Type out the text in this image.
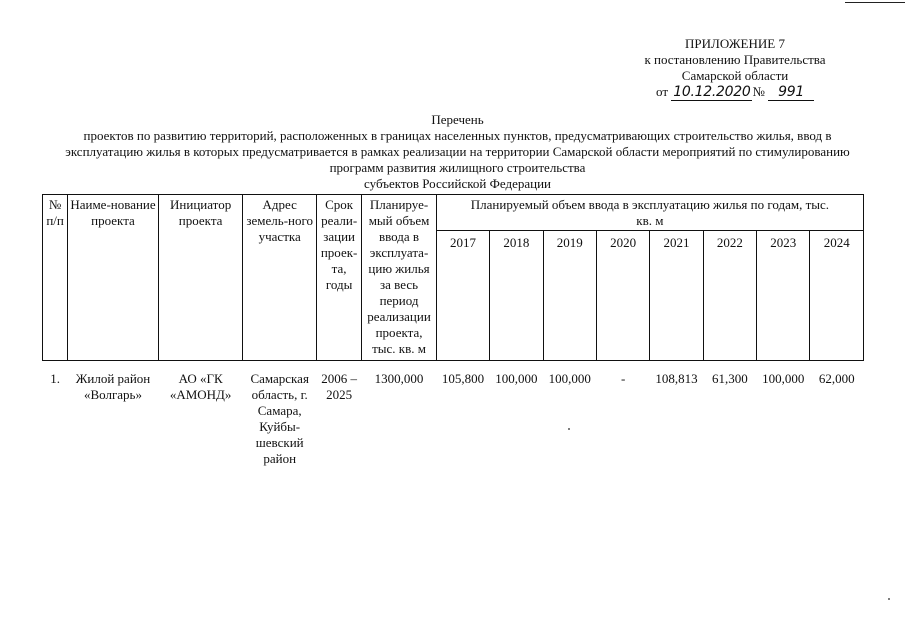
ПРИЛОЖЕНИЕ 7
к постановлению Правительства
Самарской области
от 10.12.2020 № 991
Перечень
проектов по развитию территорий, расположенных в границах населенных пунктов, предусматривающих строительство жилья, ввод в
эксплуатацию жилья в которых предусматривается в рамках реализации на территории Самарской области мероприятий по стимулированию
программ развития жилищного строительства
субъектов Российской Федерации
№ п/п	Наиме-нование проекта	Инициатор проекта	Адрес земель-ного участка	Срок реали-зации проек-та, годы	Планируе-мый объем ввода в эксплуата-цию жилья за весь период реализации проекта, тыс. кв. м	Планируемый объем ввода в эксплуатацию жилья по годам, тыс. кв. м							
						2017	2018	2019	2020	2021	2022	2023	2024
1.	Жилой район «Волгарь»	АО «ГК «АМОНД»	Самарская область, г. Самара, Куйбы-шевский район	2006 – 2025	1300,000	105,800	100,000	100,000	-	108,813	61,300	100,000	62,000
